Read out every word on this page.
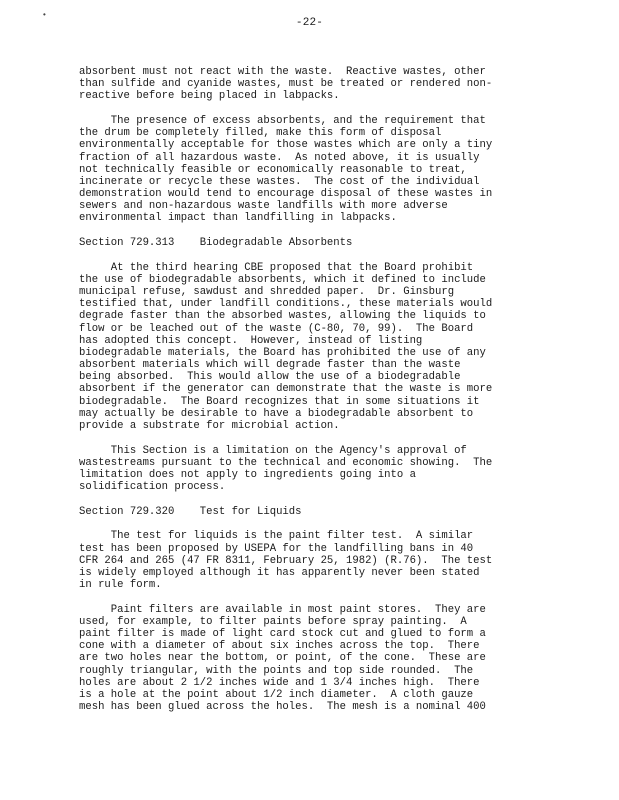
•
-22-
absorbent must not react with the waste.  Reactive wastes, other
than sulfide and cyanide wastes, must be treated or rendered non-
reactive before being placed in labpacks.
The presence of excess absorbents, and the requirement that
the drum be completely filled, make this form of disposal
environmentally acceptable for those wastes which are only a tiny
fraction of all hazardous waste.  As noted above, it is usually
not technically feasible or economically reasonable to treat,
incinerate or recycle these wastes.  The cost of the individual
demonstration would tend to encourage disposal of these wastes in
sewers and non-hazardous waste landfills with more adverse
environmental impact than landfilling in labpacks.
Section 729.313    Biodegradable Absorbents
At the third hearing CBE proposed that the Board prohibit
the use of biodegradable absorbents, which it defined to include
municipal refuse, sawdust and shredded paper.  Dr. Ginsburg
testified that, under landfill conditions., these materials would
degrade faster than the absorbed wastes, allowing the liquids to
flow or be leached out of the waste (C-80, 70, 99).  The Board
has adopted this concept.  However, instead of listing
biodegradable materials, the Board has prohibited the use of any
absorbent materials which will degrade faster than the waste
being absorbed.  This would allow the use of a biodegradable
absorbent if the generator can demonstrate that the waste is more
biodegradable.  The Board recognizes that in some situations it
may actually be desirable to have a biodegradable absorbent to
provide a substrate for microbial action.
This Section is a limitation on the Agency's approval of
wastestreams pursuant to the technical and economic showing.  The
limitation does not apply to ingredients going into a
solidification process.
Section 729.320    Test for Liquids
The test for liquids is the paint filter test.  A similar
test has been proposed by USEPA for the landfilling bans in 40
CFR 264 and 265 (47 FR 8311, February 25, 1982) (R.76).  The test
is widely employed although it has apparently never been stated
in rule form.
Paint filters are available in most paint stores.  They are
used, for example, to filter paints before spray painting.  A
paint filter is made of light card stock cut and glued to form a
cone with a diameter of about six inches across the top.  There
are two holes near the bottom, or point, of the cone.  These are
roughly triangular, with the points and top side rounded.  The
holes are about 2 1/2 inches wide and 1 3/4 inches high.  There
is a hole at the point about 1/2 inch diameter.  A cloth gauze
mesh has been glued across the holes.  The mesh is a nominal 400
